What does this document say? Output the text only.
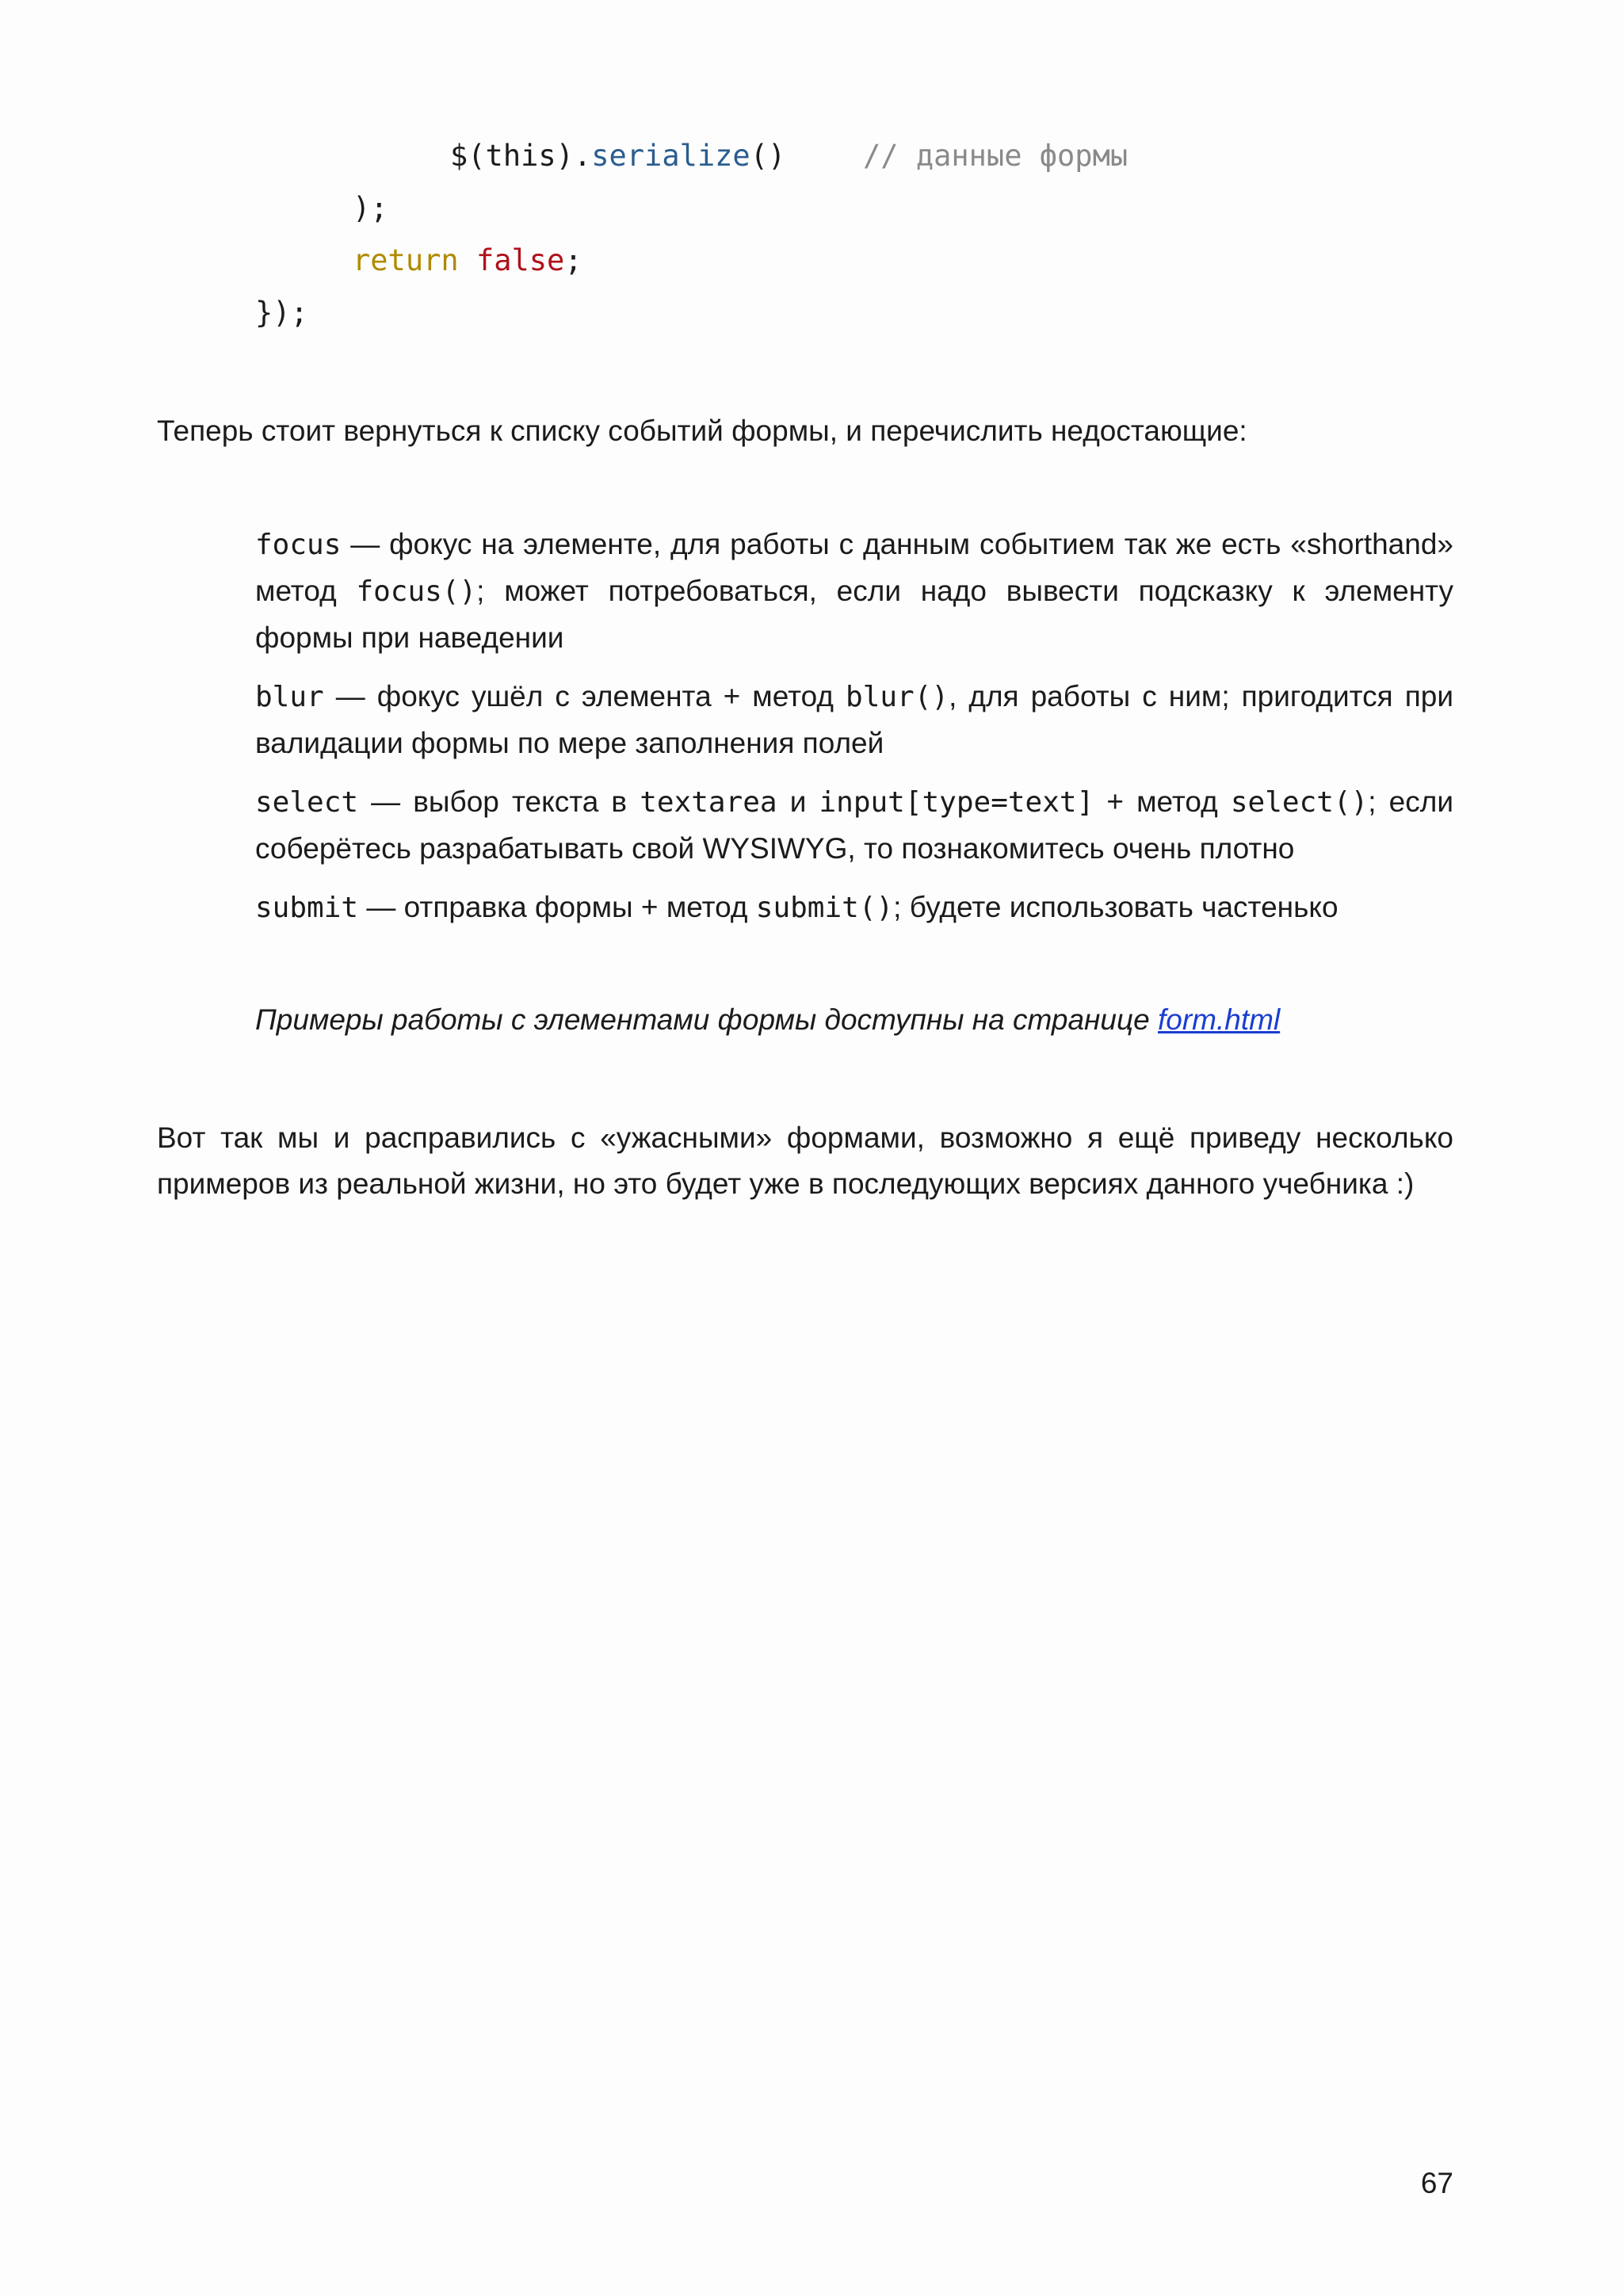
$(this).serialize()

	// данные формы

);

return false;

});

Теперь стоит вернуться к списку событий формы, и перечислить недостающие:

focus — фокус на элементе, для работы с данным событием так же есть «shorthand» метод focus(); может потребоваться, если надо вывести подсказку к элементу формы при наведении

blur — фокус ушёл с элемента + метод blur(), для работы с ним; пригодится при валидации формы по мере заполнения полей

select — выбор текста в textarea и input[type=text] + метод select(); если соберётесь разрабатывать свой WYSIWYG, то познакомитесь очень плотно

submit — отправка формы + метод submit(); будете использовать частенько

Примеры работы с элементами формы доступны на странице form.html
Вот так мы и расправились с «ужасными» формами, возможно я ещё приведу несколько примеров из реальной жизни, но это будет уже в последующих версиях данного учебника :)
67
